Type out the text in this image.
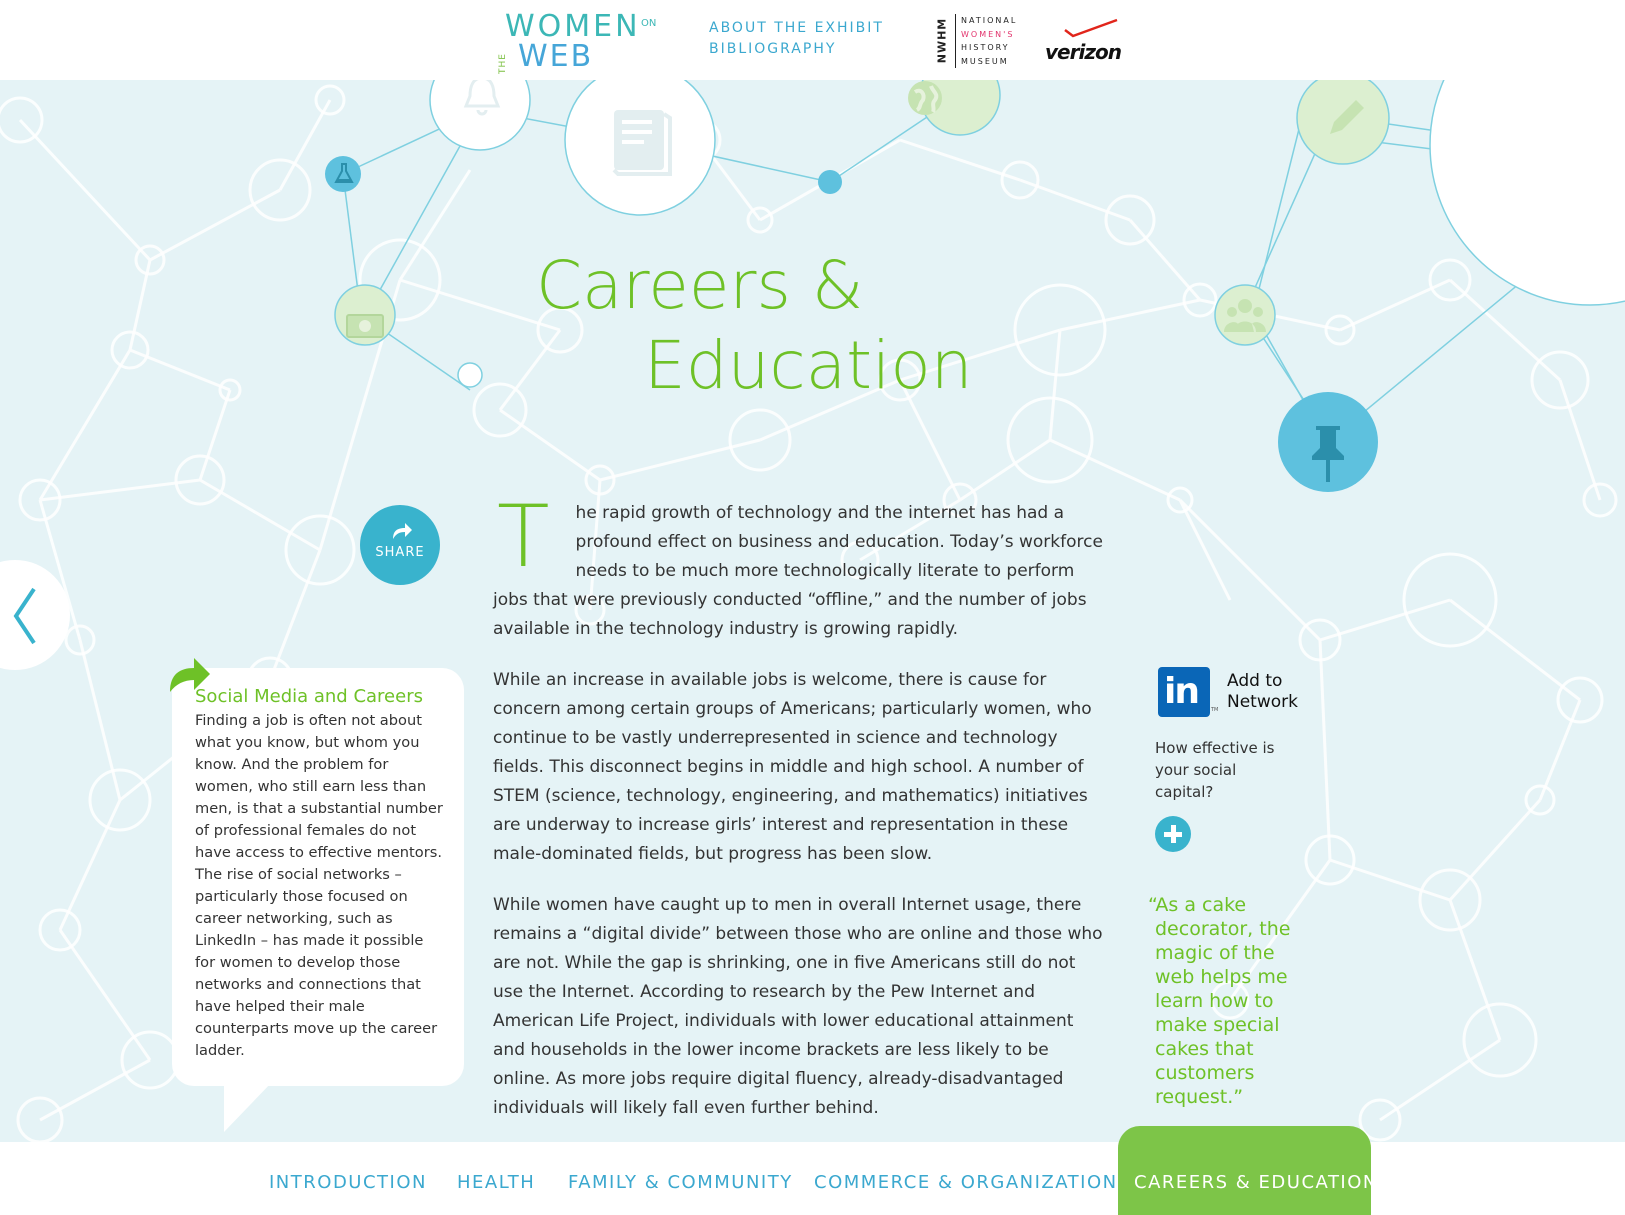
WOMEN ON
THE WEB
ABOUT THE EXHIBIT
BIBLIOGRAPHY	NWHM NATIONAL
WOMEN'S
HISTORY
MUSEUM	verizon
Careers &
Education
SHARE
Social Media and Careers

Finding a job is often not about what you know, but whom you know. And the problem for women, who still earn less than men, is that a substantial number of professional females do not have access to effective mentors. The rise of social networks – particularly those focused on career networking, such as LinkedIn – has made it possible for women to develop those networks and connections that have helped their male counterparts move up the career ladder.

T	he rapid growth of technology and the internet has had a profound effect on business and education. Today’s workforce needs to be much more technologically literate to perform jobs that were previously conducted “offline,” and the number of jobs available in the technology industry is growing rapidly.

While an increase in available jobs is welcome, there is cause for concern among certain groups of Americans; particularly women, who continue to be vastly underrepresented in science and technology fields. This disconnect begins in middle and high school. A number of STEM (science, technology, engineering, and mathematics) initiatives are underway to increase girls’ interest and representation in these male-dominated fields, but progress has been slow.

While women have caught up to men in overall Internet usage, there remains a “digital divide” between those who are online and those who are not. While the gap is shrinking, one in five Americans still do not use the Internet. According to research by the Pew Internet and American Life Project, individuals with lower educational attainment and households in the lower income brackets are less likely to be online. As more jobs require digital fluency, already-disadvantaged individuals will likely fall even further behind.

in	TM
Add to
Network
How effective is your social capital?
“As a cake decorator, the magic of the web helps me learn how to make special cakes that customers request.”
INTRODUCTION HEALTH FAMILY & COMMUNITY COMMERCE & ORGANIZATION CAREERS & EDUCATION
